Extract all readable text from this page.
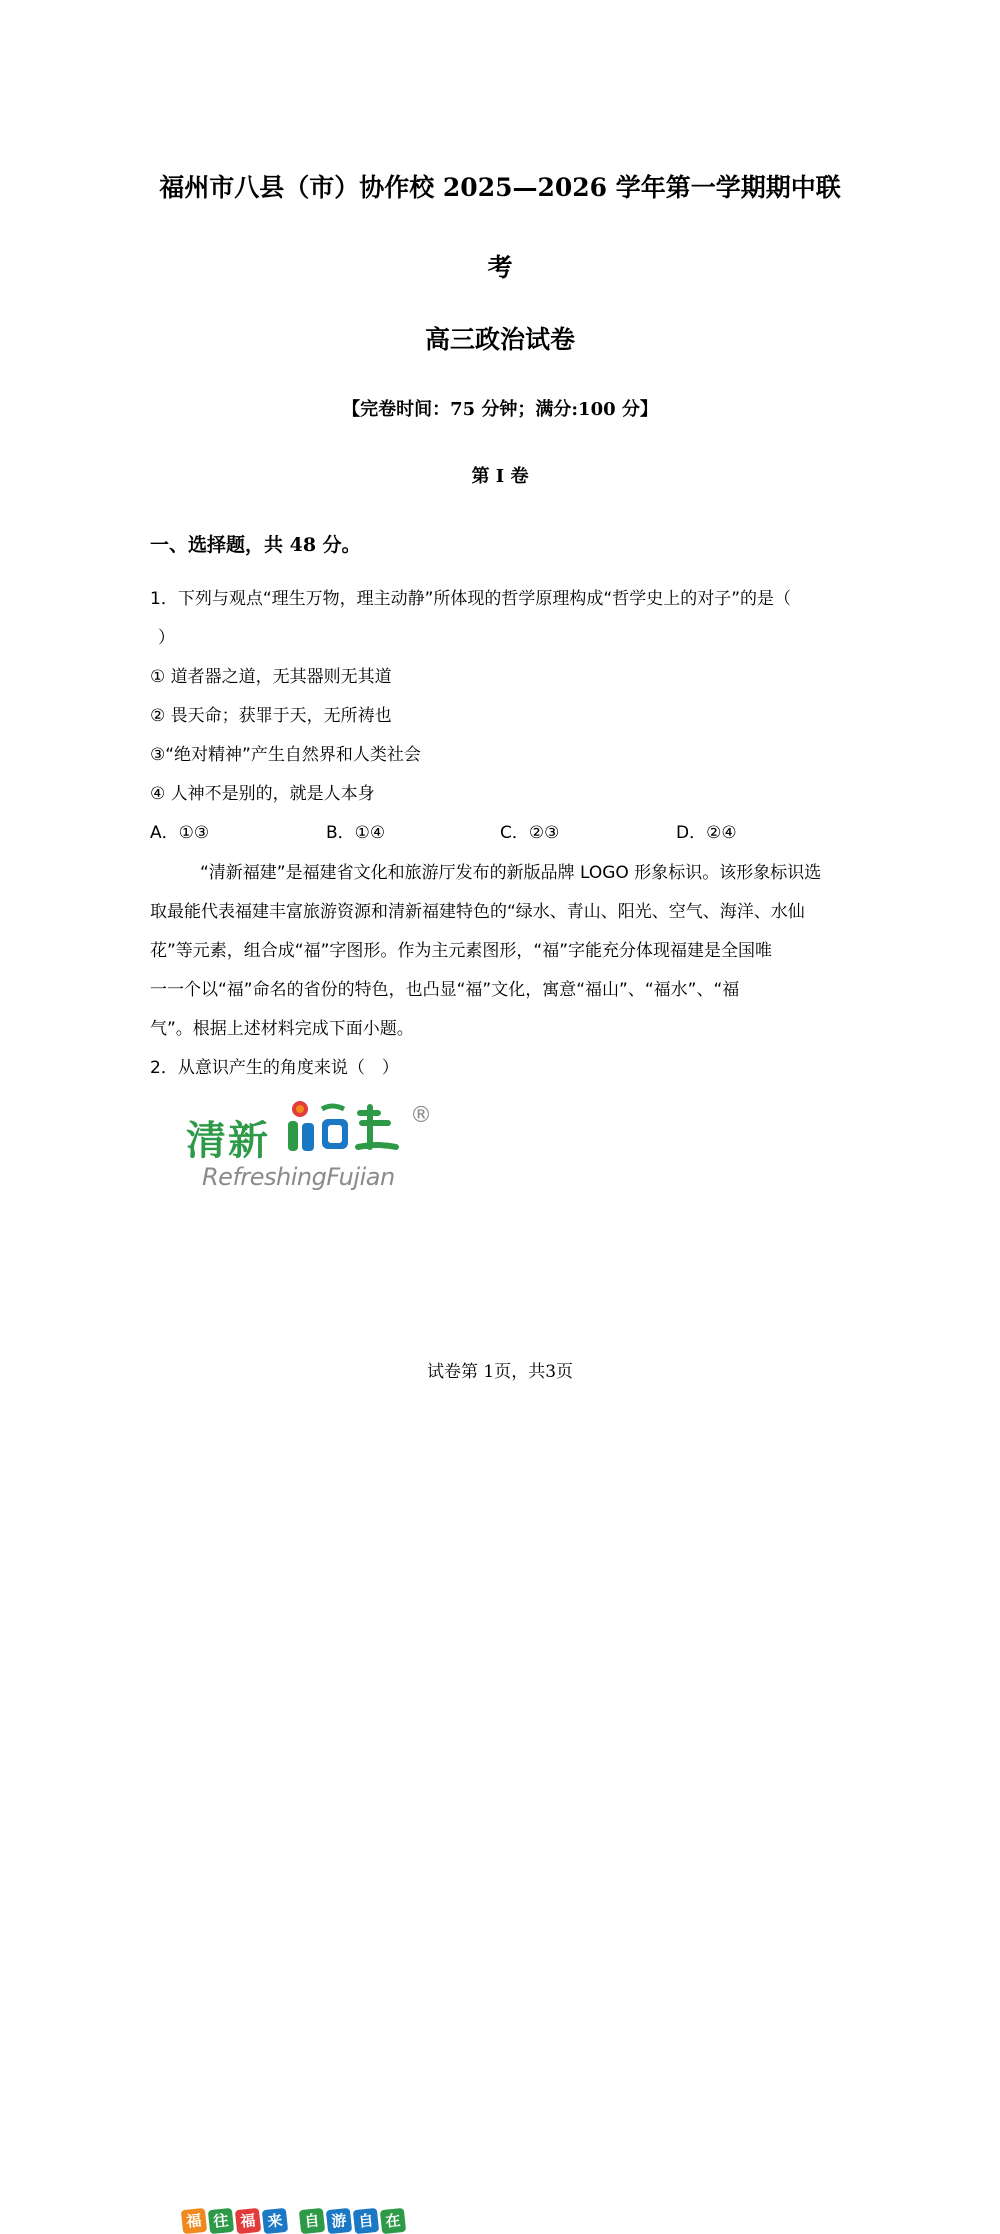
福州市八县（市）协作校 2025—2026 学年第一学期期中联
考
高三政治试卷
【完卷时间：75 分钟；满分:100 分】
第 I 卷
一、选择题，共 48 分。
1．下列与观点“理生万物，理主动静”所体现的哲学原理构成“哲学史上的对子”的是（
）
① 道者器之道，无其器则无其道
② 畏天命；获罪于天，无所祷也
③“绝对精神”产生自然界和人类社会
④ 人神不是别的，就是人本身
A．①③	B．①④	C．②③	D．②④
“清新福建”是福建省文化和旅游厅发布的新版品牌 LOGO 形象标识。该形象标识选
取最能代表福建丰富旅游资源和清新福建特色的“绿水、青山、阳光、空气、海洋、水仙
花”等元素，组合成“福”字图形。作为主元素图形，“福”字能充分体现福建是全国唯
一一个以“福”命名的省份的特色，也凸显“福”文化，寓意“福山”、“福水”、“福
气”。根据上述材料完成下面小题。
2．从意识产生的角度来说（　）
清新
®
RefreshingFujian
福 往 福 来	自 游 自 在
试卷第 1页，共3页
